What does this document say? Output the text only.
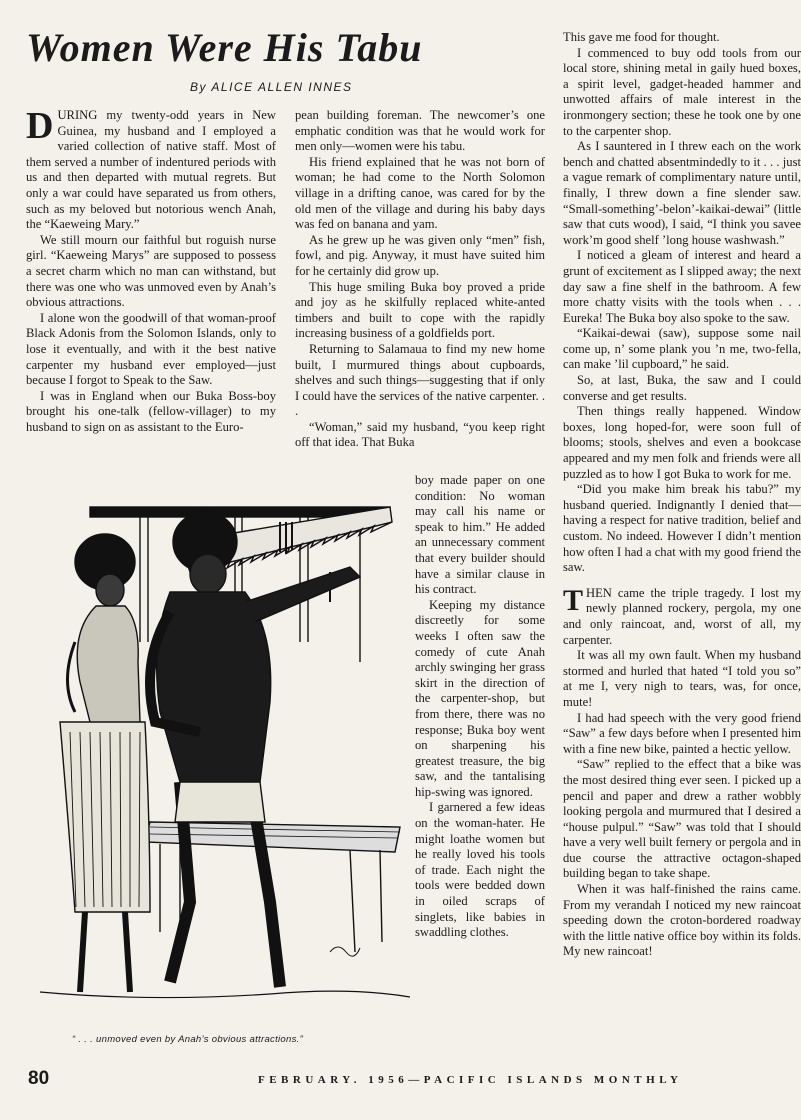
Women Were His Tabu
By ALICE ALLEN INNES

DURING my twenty-odd years in New Guinea, my husband and I employed a varied collection of native staff. Most of them served a number of indentured periods with us and then departed with mutual regrets. But only a war could have separated us from others, such as my beloved but notorious wench Anah, the “Kaeweing Mary.”

We still mourn our faithful but roguish nurse girl. “Kaeweing Marys” are supposed to possess a secret charm which no man can withstand, but there was one who was unmoved even by Anah’s obvious attractions.

I alone won the goodwill of that woman-proof Black Adonis from the Solomon Islands, only to lose it eventually, and with it the best native carpenter my husband ever employed—just because I forgot to Speak to the Saw.

I was in England when our Buka Boss-boy brought his one-talk (fellow-villager) to my husband to sign on as assistant to the Euro-

pean building foreman. The newcomer’s one emphatic condition was that he would work for men only—women were his tabu.

His friend explained that he was not born of woman; he had come to the North Solomon village in a drifting canoe, was cared for by the old men of the village and during his baby days was fed on banana and yam.

As he grew up he was given only “men” fish, fowl, and pig. Anyway, it must have suited him for he certainly did grow up.

This huge smiling Buka boy proved a pride and joy as he skilfully replaced white-anted timbers and built to cope with the rapidly increasing business of a goldfields port.

Returning to Salamaua to find my new home built, I murmured things about cupboards, shelves and such things—suggesting that if only I could have the services of the native carpenter. . .

“Woman,” said my husband, “you keep right off that idea. That Buka

boy made paper on one condition: No woman may call his name or speak to him.” He added an unnecessary comment that every builder should have a similar clause in his contract.

Keeping my distance discreetly for some weeks I often saw the comedy of cute Anah archly swinging her grass skirt in the direction of the carpenter-shop, but from there, there was no response; Buka boy went on sharpening his greatest treasure, the big saw, and the tantalising hip-swing was ignored.

I garnered a few ideas on the woman-hater. He might loathe women but he really loved his tools of trade. Each night the tools were bedded down in oiled scraps of singlets, like babies in swaddling clothes.

This gave me food for thought.

I commenced to buy odd tools from our local store, shining metal in gaily hued boxes, a spirit level, gadget-headed hammer and unwotted affairs of male interest in the ironmongery section; these he took one by one to the carpenter shop.

As I sauntered in I threw each on the work bench and chatted absentmindedly to it . . . just a vague remark of complimentary nature until, finally, I threw down a fine slender saw. “Small-something’-belon’-kaikai-dewai” (little saw that cuts wood), I said, “I think you savee work’m good shelf ’long house washwash.”

I noticed a gleam of interest and heard a grunt of excitement as I slipped away; the next day saw a fine shelf in the bathroom. A few more chatty visits with the tools when . . . Eureka! The Buka boy also spoke to the saw.

“Kaikai-dewai (saw), suppose some nail come up, n’ some plank you ’n me, two-fella, can make ’lil cupboard,” he said.

So, at last, Buka, the saw and I could converse and get results.

Then things really happened. Window boxes, long hoped-for, were soon full of blooms; stools, shelves and even a bookcase appeared and my men folk and friends were all puzzled as to how I got Buka to work for me.

“Did you make him break his tabu?” my husband queried. Indignantly I denied that—having a respect for native tradition, belief and custom. No indeed. However I didn’t mention how often I had a chat with my good friend the saw.

THEN came the triple tragedy. I lost my newly planned rockery, pergola, my one and only raincoat, and, worst of all, my carpenter.

It was all my own fault. When my husband stormed and hurled that hated “I told you so” at me I, very nigh to tears, was, for once, mute!

I had had speech with the very good friend “Saw” a few days before when I presented him with a fine new bike, painted a hectic yellow.

“Saw” replied to the effect that a bike was the most desired thing ever seen. I picked up a pencil and paper and drew a rather wobbly looking pergola and murmured that I desired a “house pulpul.” “Saw” was told that I should have a very well built fernery or pergola and in due course the attractive octagon-shaped building began to take shape.

When it was half-finished the rains came. From my verandah I noticed my new raincoat speeding down the croton-bordered roadway with the little native office boy within its folds. My new raincoat!

“ . . . unmoved even by Anah’s obvious attractions.”
80	FEBRUARY. 1956—PACIFIC ISLANDS MONTHLY
